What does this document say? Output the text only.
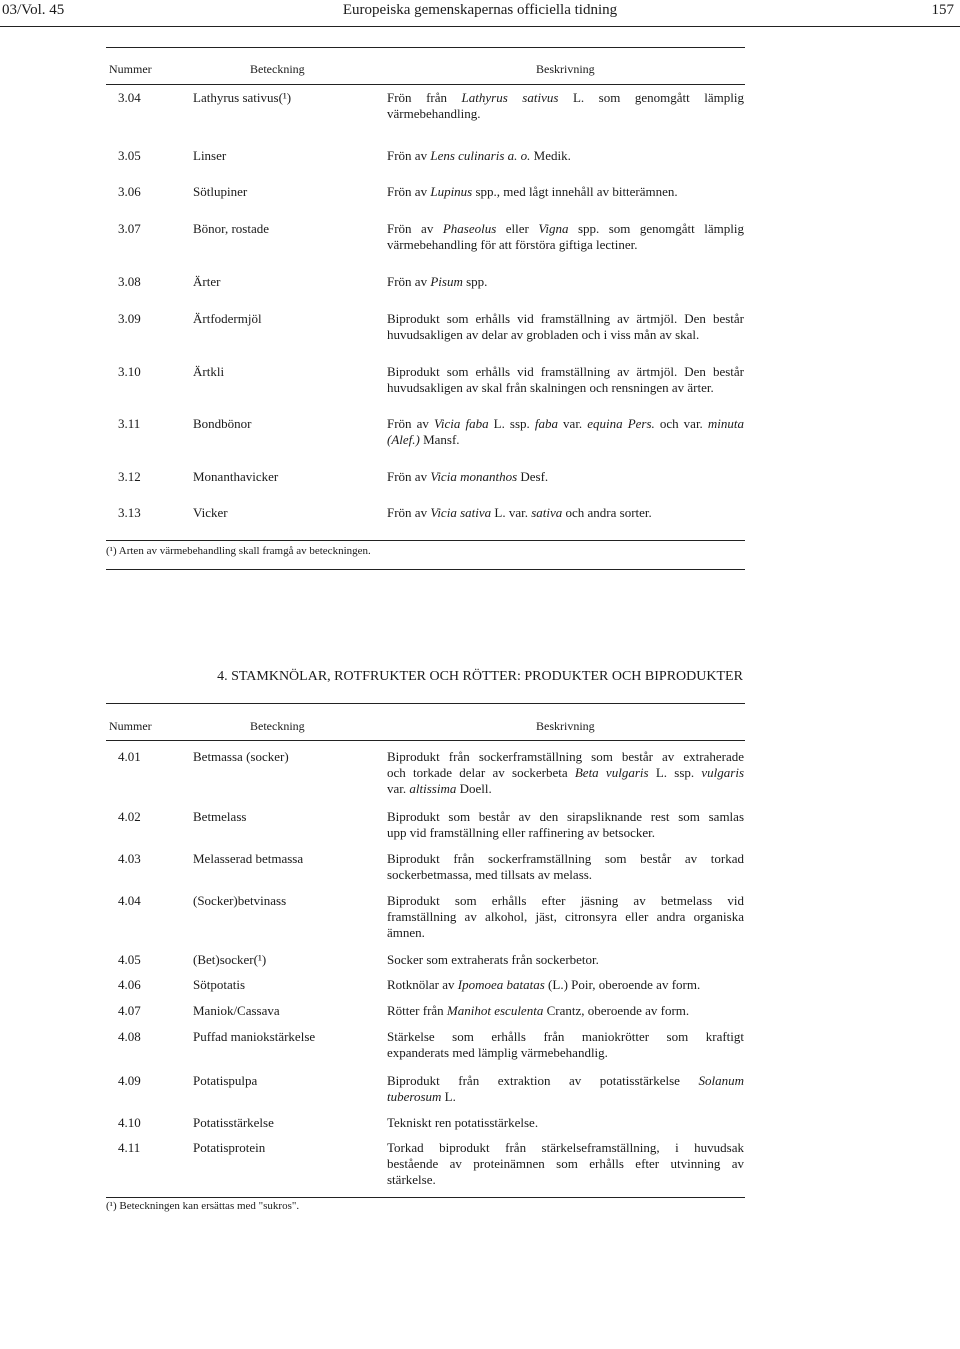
03/Vol. 45	Europeiska gemenskapernas officiella tidning	157
Nummer	Beteckning	Beskrivning
3.04	Lathyrus sativus(¹)	Frön från Lathyrus sativus L. som genomgått lämplig
värmebehandling.
3.05	Linser	Frön av Lens culinaris a. o. Medik.
3.06	Sötlupiner	Frön av Lupinus spp., med lågt innehåll av bitterämnen.
3.07	Bönor, rostade	Frön av Phaseolus eller Vigna spp. som genomgått lämplig
värmebehandling för att förstöra giftiga lectiner.
3.08	Ärter	Frön av Pisum spp.
3.09	Ärtfodermjöl	Biprodukt som erhålls vid framställning av ärtmjöl. Den består
huvudsakligen av delar av grobladen och i viss mån av skal.
3.10	Ärtkli	Biprodukt som erhålls vid framställning av ärtmjöl. Den består
huvudsakligen av skal från skalningen och rensningen av ärter.
3.11	Bondbönor	Frön av Vicia faba L. ssp. faba var. equina Pers. och var. minuta
(Alef.) Mansf.
3.12	Monanthavicker	Frön av Vicia monanthos Desf.
3.13	Vicker	Frön av Vicia sativa L. var. sativa och andra sorter.
(¹) Arten av värmebehandling skall framgå av beteckningen.
4. STAMKNÖLAR, ROTFRUKTER OCH RÖTTER: PRODUKTER OCH BIPRODUKTER
Nummer	Beteckning	Beskrivning
4.01	Betmassa (socker)	Biprodukt från sockerframställning som består av extraherade
och torkade delar av sockerbeta Beta vulgaris L. ssp. vulgaris
var. altissima Doell.
4.02	Betmelass	Biprodukt som består av den sirapsliknande rest som samlas
upp vid framställning eller raffinering av betsocker.
4.03	Melasserad betmassa	Biprodukt från sockerframställning som består av torkad
sockerbetmassa, med tillsats av melass.
4.04	(Socker)betvinass	Biprodukt som erhålls efter jäsning av betmelass vid
framställning av alkohol, jäst, citronsyra eller andra organiska
ämnen.
4.05	(Bet)socker(¹)	Socker som extraherats från sockerbetor.
4.06	Sötpotatis	Rotknölar av Ipomoea batatas (L.) Poir, oberoende av form.
4.07	Maniok/Cassava	Rötter från Manihot esculenta Crantz, oberoende av form.
4.08	Puffad maniokstärkelse	Stärkelse som erhålls från maniokrötter som kraftigt
expanderats med lämplig värmebehandlig.
4.09	Potatispulpa	Biprodukt från extraktion av potatisstärkelse Solanum
tuberosum L.
4.10	Potatisstärkelse	Tekniskt ren potatisstärkelse.
4.11	Potatisprotein	Torkad biprodukt från stärkelseframställning, i huvudsak
bestående av proteinämnen som erhålls efter utvinning av
stärkelse.
(¹) Beteckningen kan ersättas med "sukros".
